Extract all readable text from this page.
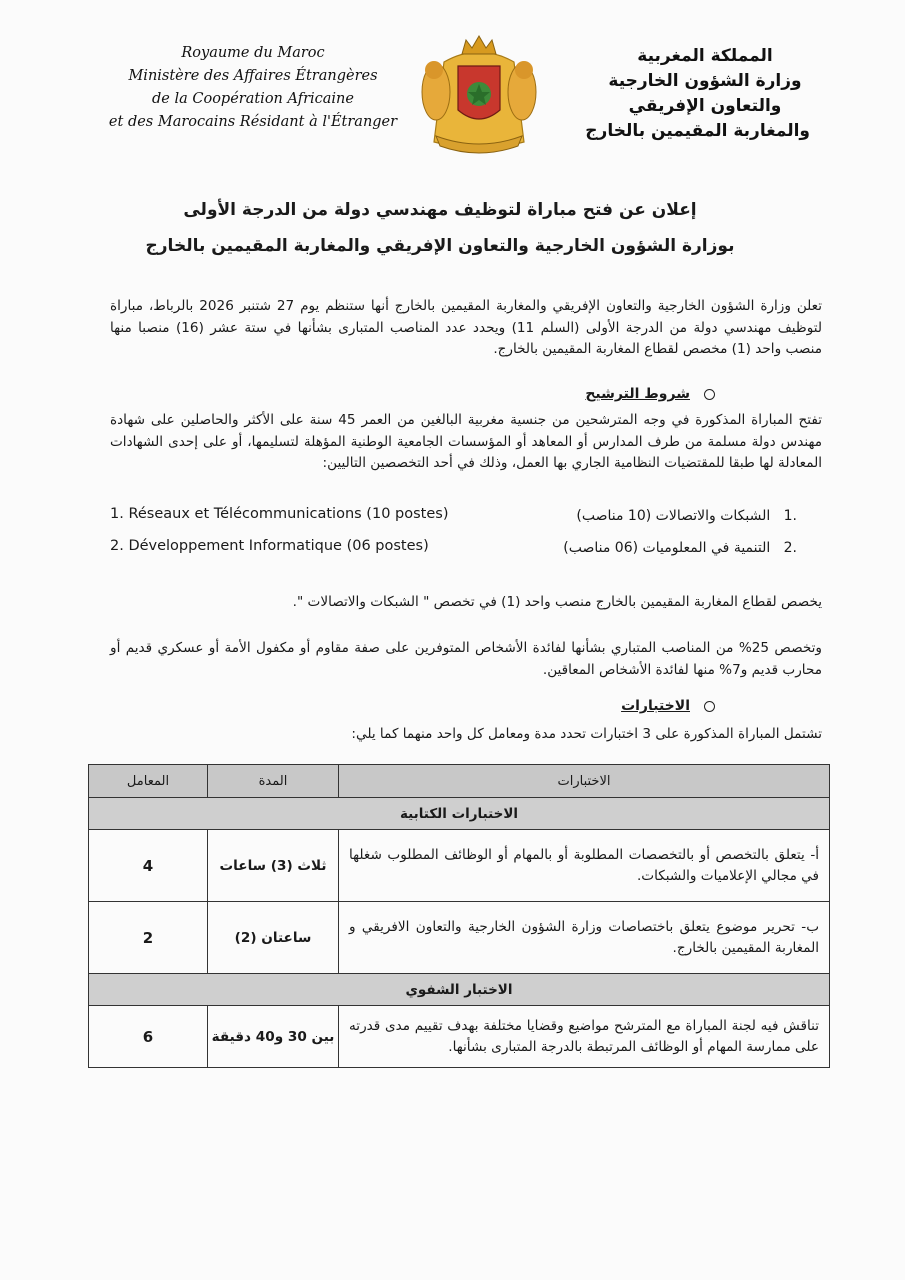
Royaume du Maroc
Ministère des Affaires Étrangères
de la Coopération Africaine
et des Marocains Résidant à l'Étranger
المملكة المغربية
وزارة الشؤون الخارجية
والتعاون الإفريقي
والمغاربة المقيمين بالخارج
إعلان عن فتح مباراة لتوظيف مهندسي دولة من الدرجة الأولى
بوزارة الشؤون الخارجية والتعاون الإفريقي والمغاربة المقيمين بالخارج
تعلن وزارة الشؤون الخارجية والتعاون الإفريقي والمغاربة المقيمين بالخارج أنها ستنظم يوم 27 شتنبر 2026 بالرباط، مباراة لتوظيف مهندسي دولة من الدرجة الأولى (السلم 11) ويحدد عدد المناصب المتبارى بشأنها في ستة عشر (16) منصبا منها منصب واحد (1) مخصص لقطاع المغاربة المقيمين بالخارج.
شروط الترشيح
تفتح المباراة المذكورة في وجه المترشحين من جنسية مغربية البالغين من العمر 45 سنة على الأكثر والحاصلين على شهادة مهندس دولة مسلمة من طرف المدارس أو المعاهد أو المؤسسات الجامعية الوطنية المؤهلة لتسليمها، أو على إحدى الشهادات المعادلة لها طبقا للمقتضيات النظامية الجاري بها العمل، وذلك في أحد التخصصين التاليين:
1. Réseaux et Télécommunications (10 postes)	.1   الشبكات والاتصالات (10 مناصب)
2. Développement Informatique (06 postes)	.2   التنمية في المعلوميات (06 مناصب)
يخصص لقطاع المغاربة المقيمين بالخارج منصب واحد (1) في تخصص " الشبكات والاتصالات ".
وتخصص 25% من المناصب المتباري بشأنها لفائدة الأشخاص المتوفرين على صفة مقاوم أو مكفول الأمة أو عسكري قديم أو محارب قديم و7% منها لفائدة الأشخاص المعاقين.
الاختبارات
تشتمل المباراة المذكورة على 3 اختبارات تحدد مدة ومعامل كل واحد منهما كما يلي:
الاختبارات	المدة	المعامل
الاختبارات الكتابية		
أ- يتعلق بالتخصص أو بالتخصصات المطلوبة أو بالمهام أو الوظائف المطلوب شغلها في مجالي الإعلاميات والشبكات.	ثلاث (3) ساعات	4
ب- تحرير موضوع يتعلق باختصاصات وزارة الشؤون الخارجية والتعاون الافريقي و المغاربة المقيمين بالخارج.	ساعتان (2)	2
الاختبار الشفوي		
تناقش فيه لجنة المباراة مع المترشح مواضيع وقضايا مختلفة بهدف تقييم مدى قدرته على ممارسة المهام أو الوظائف المرتبطة بالدرجة المتبارى بشأنها.	بين 30 و40 دقيقة	6
